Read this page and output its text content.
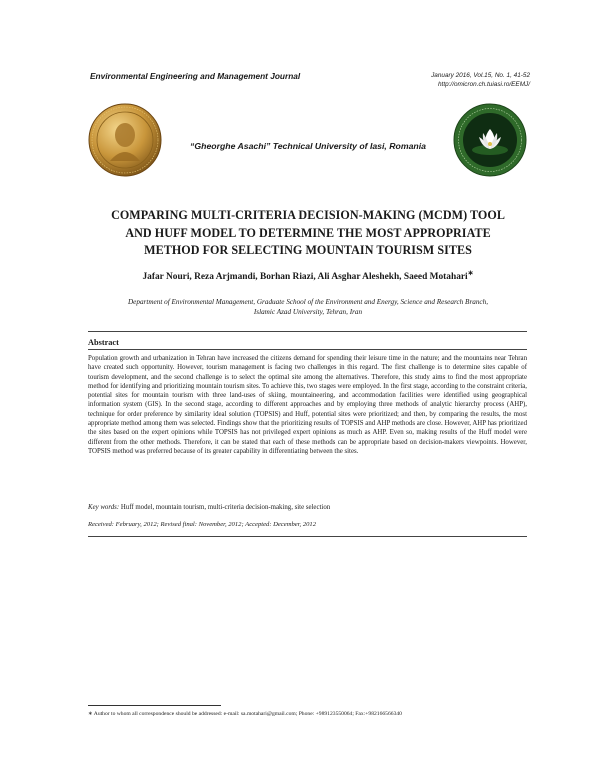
Environmental Engineering and Management Journal	January 2016, Vol.15, No. 1, 41-52
http://omicron.ch.tuiasi.ro/EEMJ/
“Gheorghe Asachi” Technical University of Iasi, Romania
COMPARING MULTI-CRITERIA DECISION-MAKING (MCDM) TOOL
AND HUFF MODEL TO DETERMINE THE MOST APPROPRIATE
METHOD FOR SELECTING MOUNTAIN TOURISM SITES
Jafar Nouri, Reza Arjmandi, Borhan Riazi, Ali Asghar Aleshekh, Saeed Motahari∗
Department of Environmental Management, Graduate School of the Environment and Energy, Science and Research Branch,
Islamic Azad University, Tehran, Iran
Abstract
Population growth and urbanization in Tehran have increased the citizens demand for spending their leisure time in the nature; and the mountains near Tehran have created such opportunity. However, tourism management is facing two challenges in this regard. The first challenge is to determine sites capable of tourism development, and the second challenge is to select the optimal site among the alternatives. Therefore, this study aims to find the most appropriate method for identifying and prioritizing mountain tourism sites. To achieve this, two stages were employed. In the first stage, according to the constraint criteria, potential sites for mountain tourism with three land-uses of skiing, mountaineering, and accommodation facilities were identified using geographical information system (GIS). In the second stage, according to different approaches and by employing three methods of analytic hierarchy process (AHP), technique for order preference by similarity ideal solution (TOPSIS) and Huff, potential sites were prioritized; and then, by comparing the results, the most appropriate method among them was selected. Findings show that the prioritizing results of TOPSIS and AHP methods are close. However, AHP has prioritized the sites based on the expert opinions while TOPSIS has not privileged expert opinions as much as AHP. Even so, making results of the Huff model were different from the other methods. Therefore, it can be stated that each of these methods can be appropriate based on decision-makers viewpoints. However, TOPSIS method was preferred because of its greater capability in differentiating between the sites.
Key words: Huff model, mountain tourism, multi-criteria decision-making, site selection
Received: February, 2012; Revised final: November, 2012; Accepted: December, 2012
∗ Author to whom all correspondence should be addressed: e-mail: sa.motahari@gmail.com; Phone: +989123550064; Fax:+982166566340
